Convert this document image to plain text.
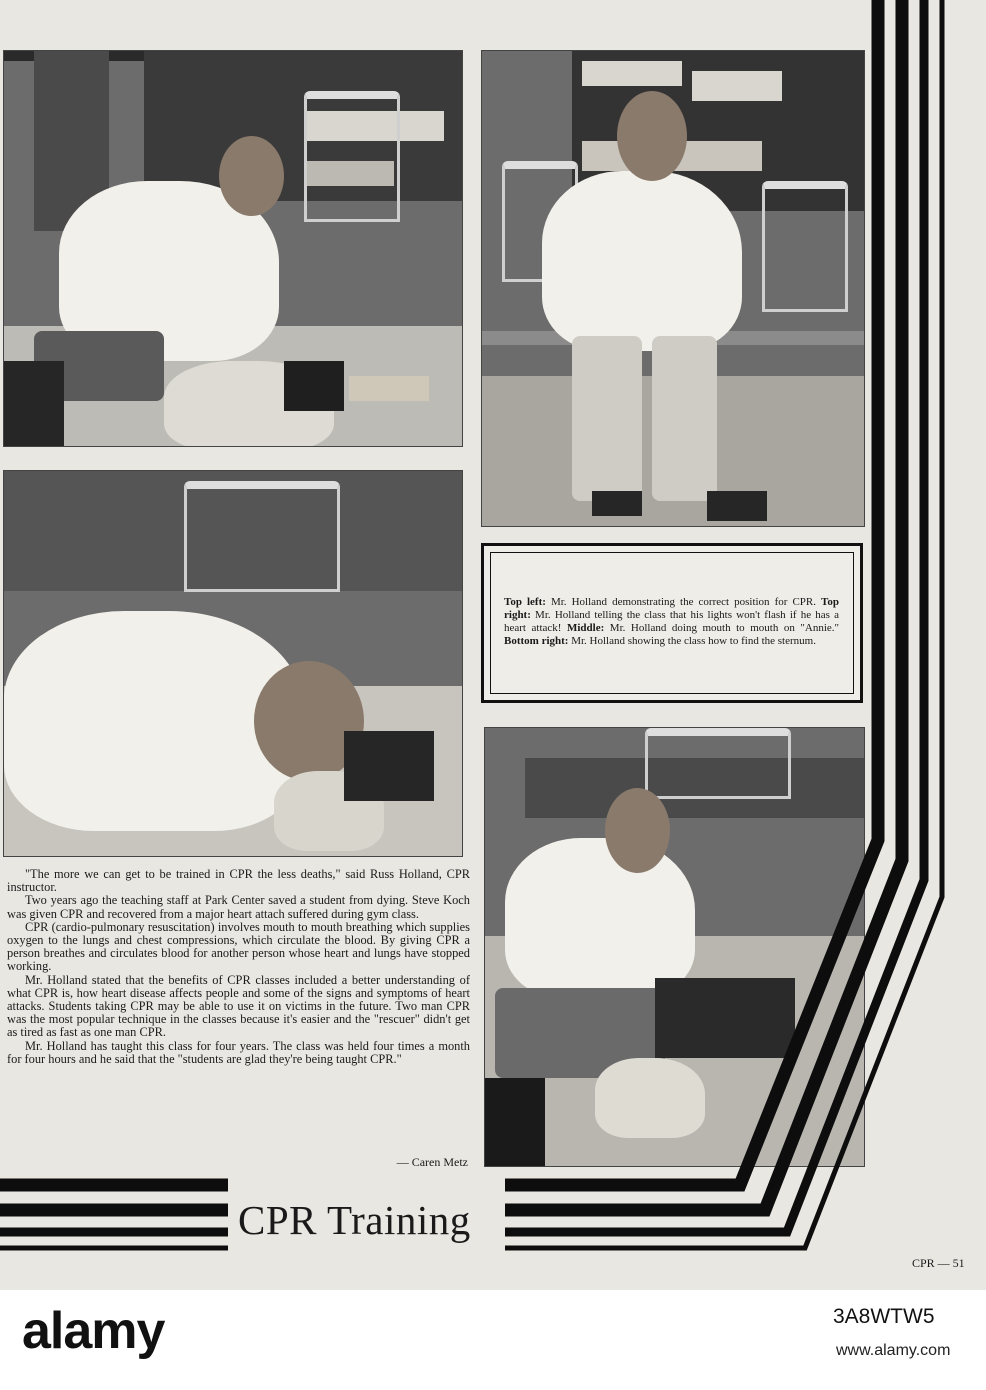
Top left: Mr. Holland demonstrating the correct position for CPR. Top right: Mr. Holland telling the class that his lights won't flash if he has a heart attack! Middle: Mr. Holland doing mouth to mouth on "Annie." Bottom right: Mr. Holland showing the class how to find the sternum.

"The more we can get to be trained in CPR the less deaths," said Russ Holland, CPR instructor.

Two years ago the teaching staff at Park Center saved a student from dying. Steve Koch was given CPR and recovered from a major heart attach suffered during gym class.

CPR (cardio-pulmonary resuscitation) involves mouth to mouth breathing which supplies oxygen to the lungs and chest compressions, which circulate the blood. By giving CPR a person breathes and circulates blood for another person whose heart and lungs have stopped working.

Mr. Holland stated that the benefits of CPR classes included a better understanding of what CPR is, how heart disease affects people and some of the signs and symptoms of heart attacks. Students taking CPR may be able to use it on victims in the future. Two man CPR was the most popular technique in the classes because it's easier and the "rescuer" didn't get as tired as fast as one man CPR.

Mr. Holland has taught this class for four years. The class was held four times a month for four hours and he said that the "students are glad they're being taught CPR."

— Caren Metz
CPR Training
CPR — 51
alamy	3A8WTW5
www.alamy.com
